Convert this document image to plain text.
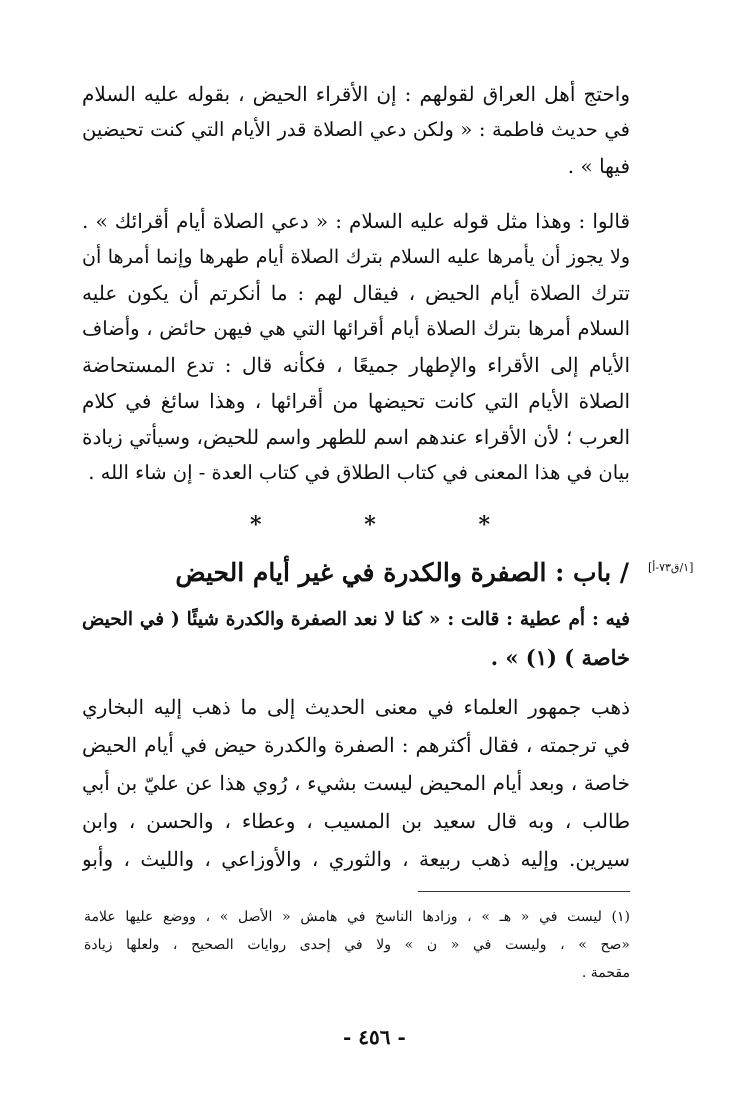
واحتج أهل العراق لقولهم : إن الأقراء الحيض ، بقوله عليه السلام
في حديث فاطمة : « ولكن دعي الصلاة قدر الأيام التي كنت تحيضين
فيها » .
قالوا : وهذا مثل قوله عليه السلام : « دعي الصلاة أيام أقرائك » .
ولا يجوز أن يأمرها عليه السلام بترك الصلاة أيام طهرها وإنما أمرها أن
تترك الصلاة أيام الحيض ، فيقال لهم : ما أنكرتم أن يكون عليه
السلام أمرها بترك الصلاة أيام أقرائها التي هي فيهن حائض ، وأضاف
الأيام إلى الأقراء والإطهار جميعًا ، فكأنه قال : تدع المستحاضة
الصلاة الأيام التي كانت تحيضها من أقرائها ، وهذا سائغ في كلام
العرب ؛ لأن الأقراء عندهم اسم للطهر واسم للحيض، وسيأتي زيادة
بيان في هذا المعنى في كتاب الطلاق في كتاب العدة - إن شاء الله .
*	*	*
[١/ق٧٣-أ]
/ باب : الصفرة والكدرة في غير أيام الحيض
فيه : أم عطية : قالت : « كنا لا نعد الصفرة والكدرة شيئًا ( في الحيض
خاصة ) (١) » .
ذهب جمهور العلماء في معنى الحديث إلى ما ذهب إليه البخاري
في ترجمته ، فقال أكثرهم : الصفرة والكدرة حيض في أيام الحيض
خاصة ، وبعد أيام المحيض ليست بشيء ، رُوي هذا عن عليّ بن أبي
طالب ، وبه قال سعيد بن المسيب ، وعطاء ، والحسن ، وابن
سيرين. وإليه ذهب ربيعة ، والثوري ، والأوزاعي ، والليث ، وأبو
(١) ليست في « هـ » ، وزادها الناسخ في هامش « الأصل » ، ووضع عليها علامة
«صح » ، وليست في « ن » ولا في إحدى روايات الصحيح ، ولعلها زيادة
مقحمة .
- ٤٥٦ -
